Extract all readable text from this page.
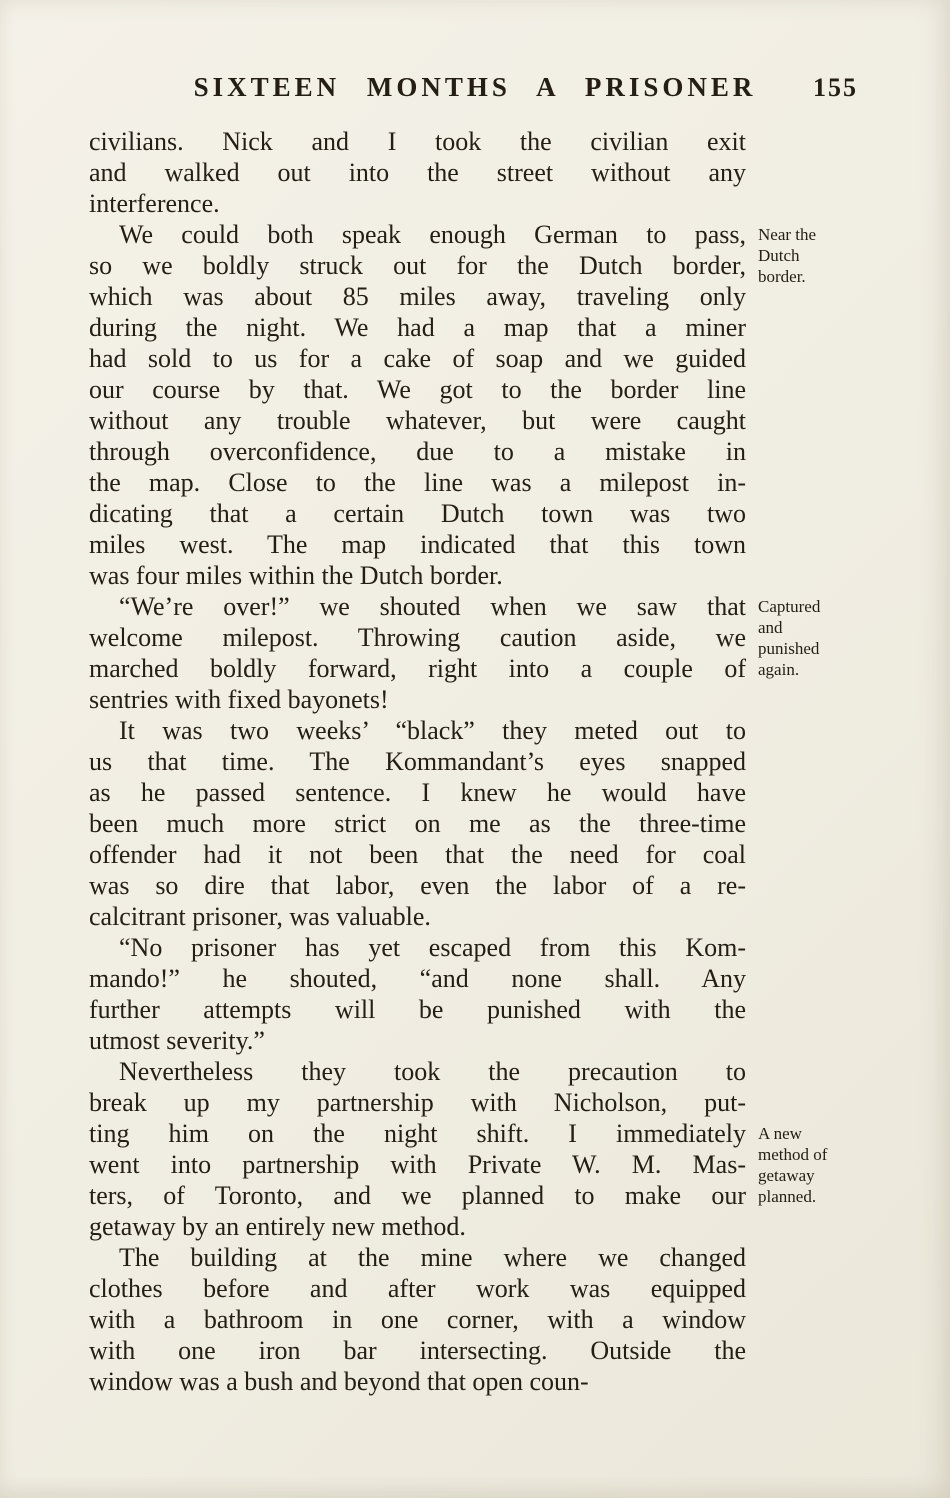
SIXTEEN MONTHS A PRISONER	155
civilians. Nick and I took the civilian exit
and walked out into the street without any
interference.
We could both speak enough German to pass,
so we boldly struck out for the Dutch border,
which was about 85 miles away, traveling only
during the night. We had a map that a miner
had sold to us for a cake of soap and we guided
our course by that. We got to the border line
without any trouble whatever, but were caught
through overconfidence, due to a mistake in
the map. Close to the line was a milepost in-
dicating that a certain Dutch town was two
miles west. The map indicated that this town
was four miles within the Dutch border.
Near the
Dutch
border.
“We’re over!” we shouted when we saw that
welcome milepost. Throwing caution aside, we
marched boldly forward, right into a couple of
sentries with fixed bayonets!
Captured
and
punished
again.
It was two weeks’ “black” they meted out to
us that time. The Kommandant’s eyes snapped
as he passed sentence. I knew he would have
been much more strict on me as the three-time
offender had it not been that the need for coal
was so dire that labor, even the labor of a re-
calcitrant prisoner, was valuable.
“No prisoner has yet escaped from this Kom-
mando!” he shouted, “and none shall. Any
further attempts will be punished with the
utmost severity.”
Nevertheless they took the precaution to
break up my partnership with Nicholson, put-
ting him on the night shift. I immediately
went into partnership with Private W. M. Mas-
ters, of Toronto, and we planned to make our
getaway by an entirely new method.
A new
method of
getaway
planned.
The building at the mine where we changed
clothes before and after work was equipped
with a bathroom in one corner, with a window
with one iron bar intersecting. Outside the
window was a bush and beyond that open coun-
